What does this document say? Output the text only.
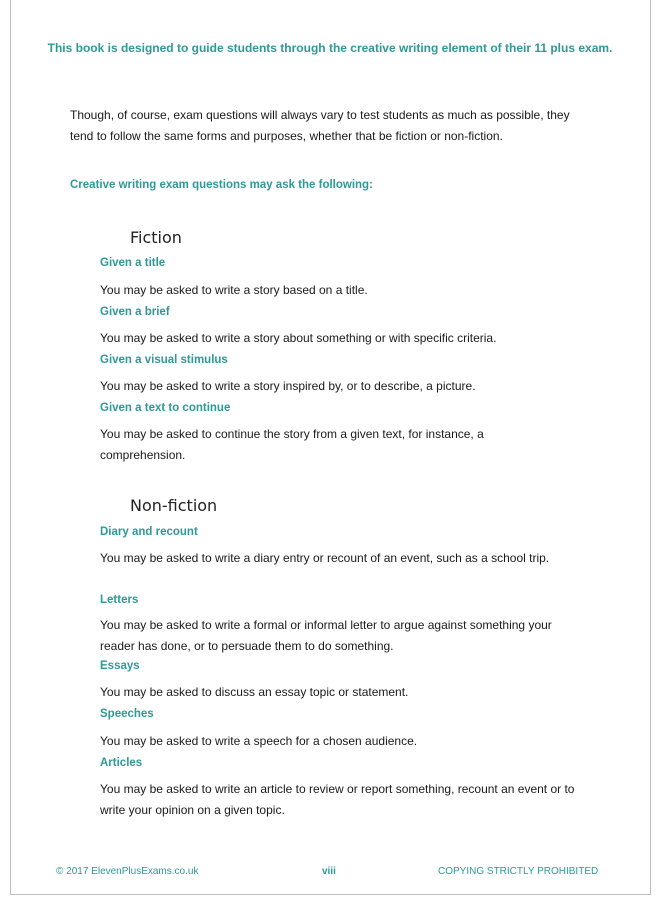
This book is designed to guide students through the creative writing element of their 11 plus exam.
Though, of course, exam questions will always vary to test students as much as possible, they tend to follow the same forms and purposes, whether that be fiction or non-fiction.
Creative writing exam questions may ask the following:
Fiction
Given a title
You may be asked to write a story based on a title.
Given a brief
You may be asked to write a story about something or with specific criteria.
Given a visual stimulus
You may be asked to write a story inspired by, or to describe, a picture.
Given a text to continue
You may be asked to continue the story from a given text, for instance, a comprehension.
Non-fiction
Diary and recount
You may be asked to write a diary entry or recount of an event, such as a school trip.
Letters
You may be asked to write a formal or informal letter to argue against something your reader has done, or to persuade them to do something.
Essays
You may be asked to discuss an essay topic or statement.
Speeches
You may be asked to write a speech for a chosen audience.
Articles
You may be asked to write an article to review or report something, recount an event or to write your opinion on a given topic.
© 2017 ElevenPlusExams.co.uk	viii	COPYING STRICTLY PROHIBITED
